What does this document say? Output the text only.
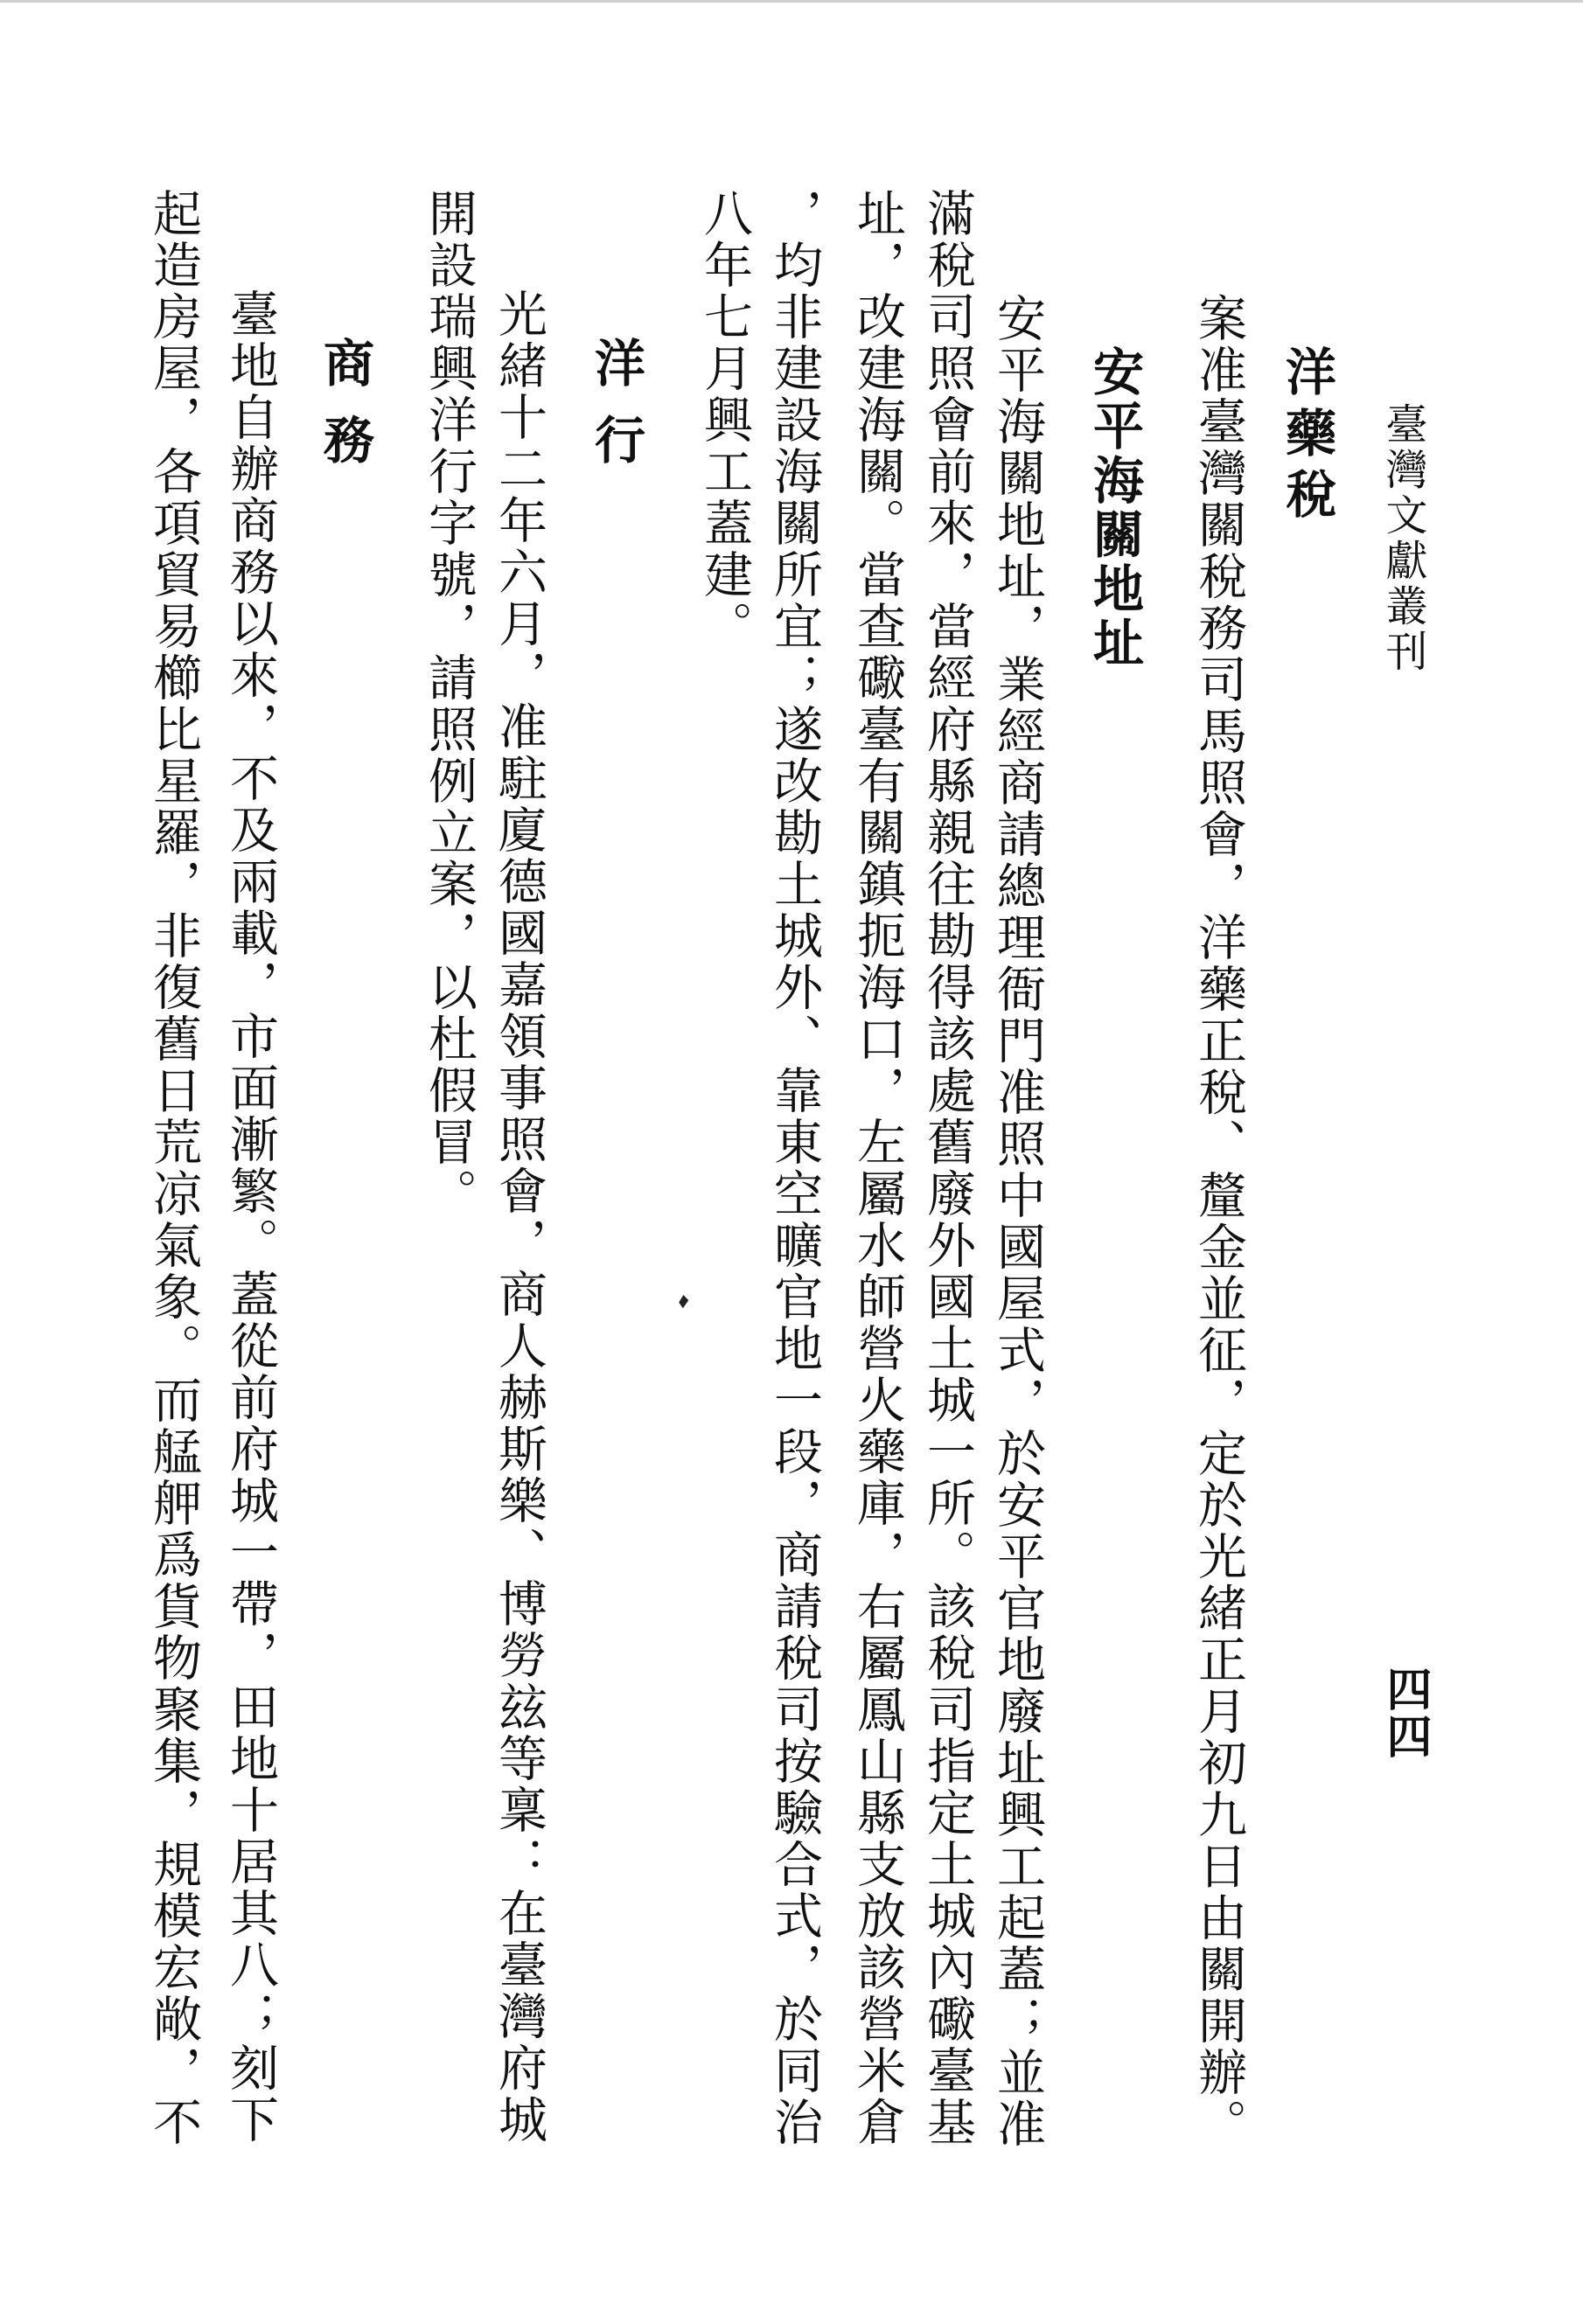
臺灣文獻叢刊
四四
洋藥稅
案准臺灣關稅務司馬照會，洋藥正稅、釐金並征，定於光緒正月初九日由關開辦。
安平海關地址
安平海關地址，業經商請總理衙門准照中國屋式，於安平官地廢址興工起蓋；並准
滿稅司照會前來，當經府縣親往勘得該處舊廢外國土城一所。該稅司指定土城內礮臺基
址，改建海關。當查礮臺有關鎮扼海口，左屬水師營火藥庫，右屬鳳山縣支放該營米倉
，均非建設海關所宜；遂改勘土城外、靠東空曠官地一段，商請稅司按驗合式，於同治
八年七月興工蓋建。
洋行
光緒十二年六月，准駐廈德國嘉領事照會，商人赫斯樂、博勞玆等稟：在臺灣府城
開設瑞興洋行字號，請照例立案，以杜假冒。
商務
臺地自辦商務以來，不及兩載，市面漸繁。蓋從前府城一帶，田地十居其八；刻下
起造房屋，各項貿易櫛比星羅，非復舊日荒凉氣象。而艋舺爲貨物聚集，規模宏敞，不
